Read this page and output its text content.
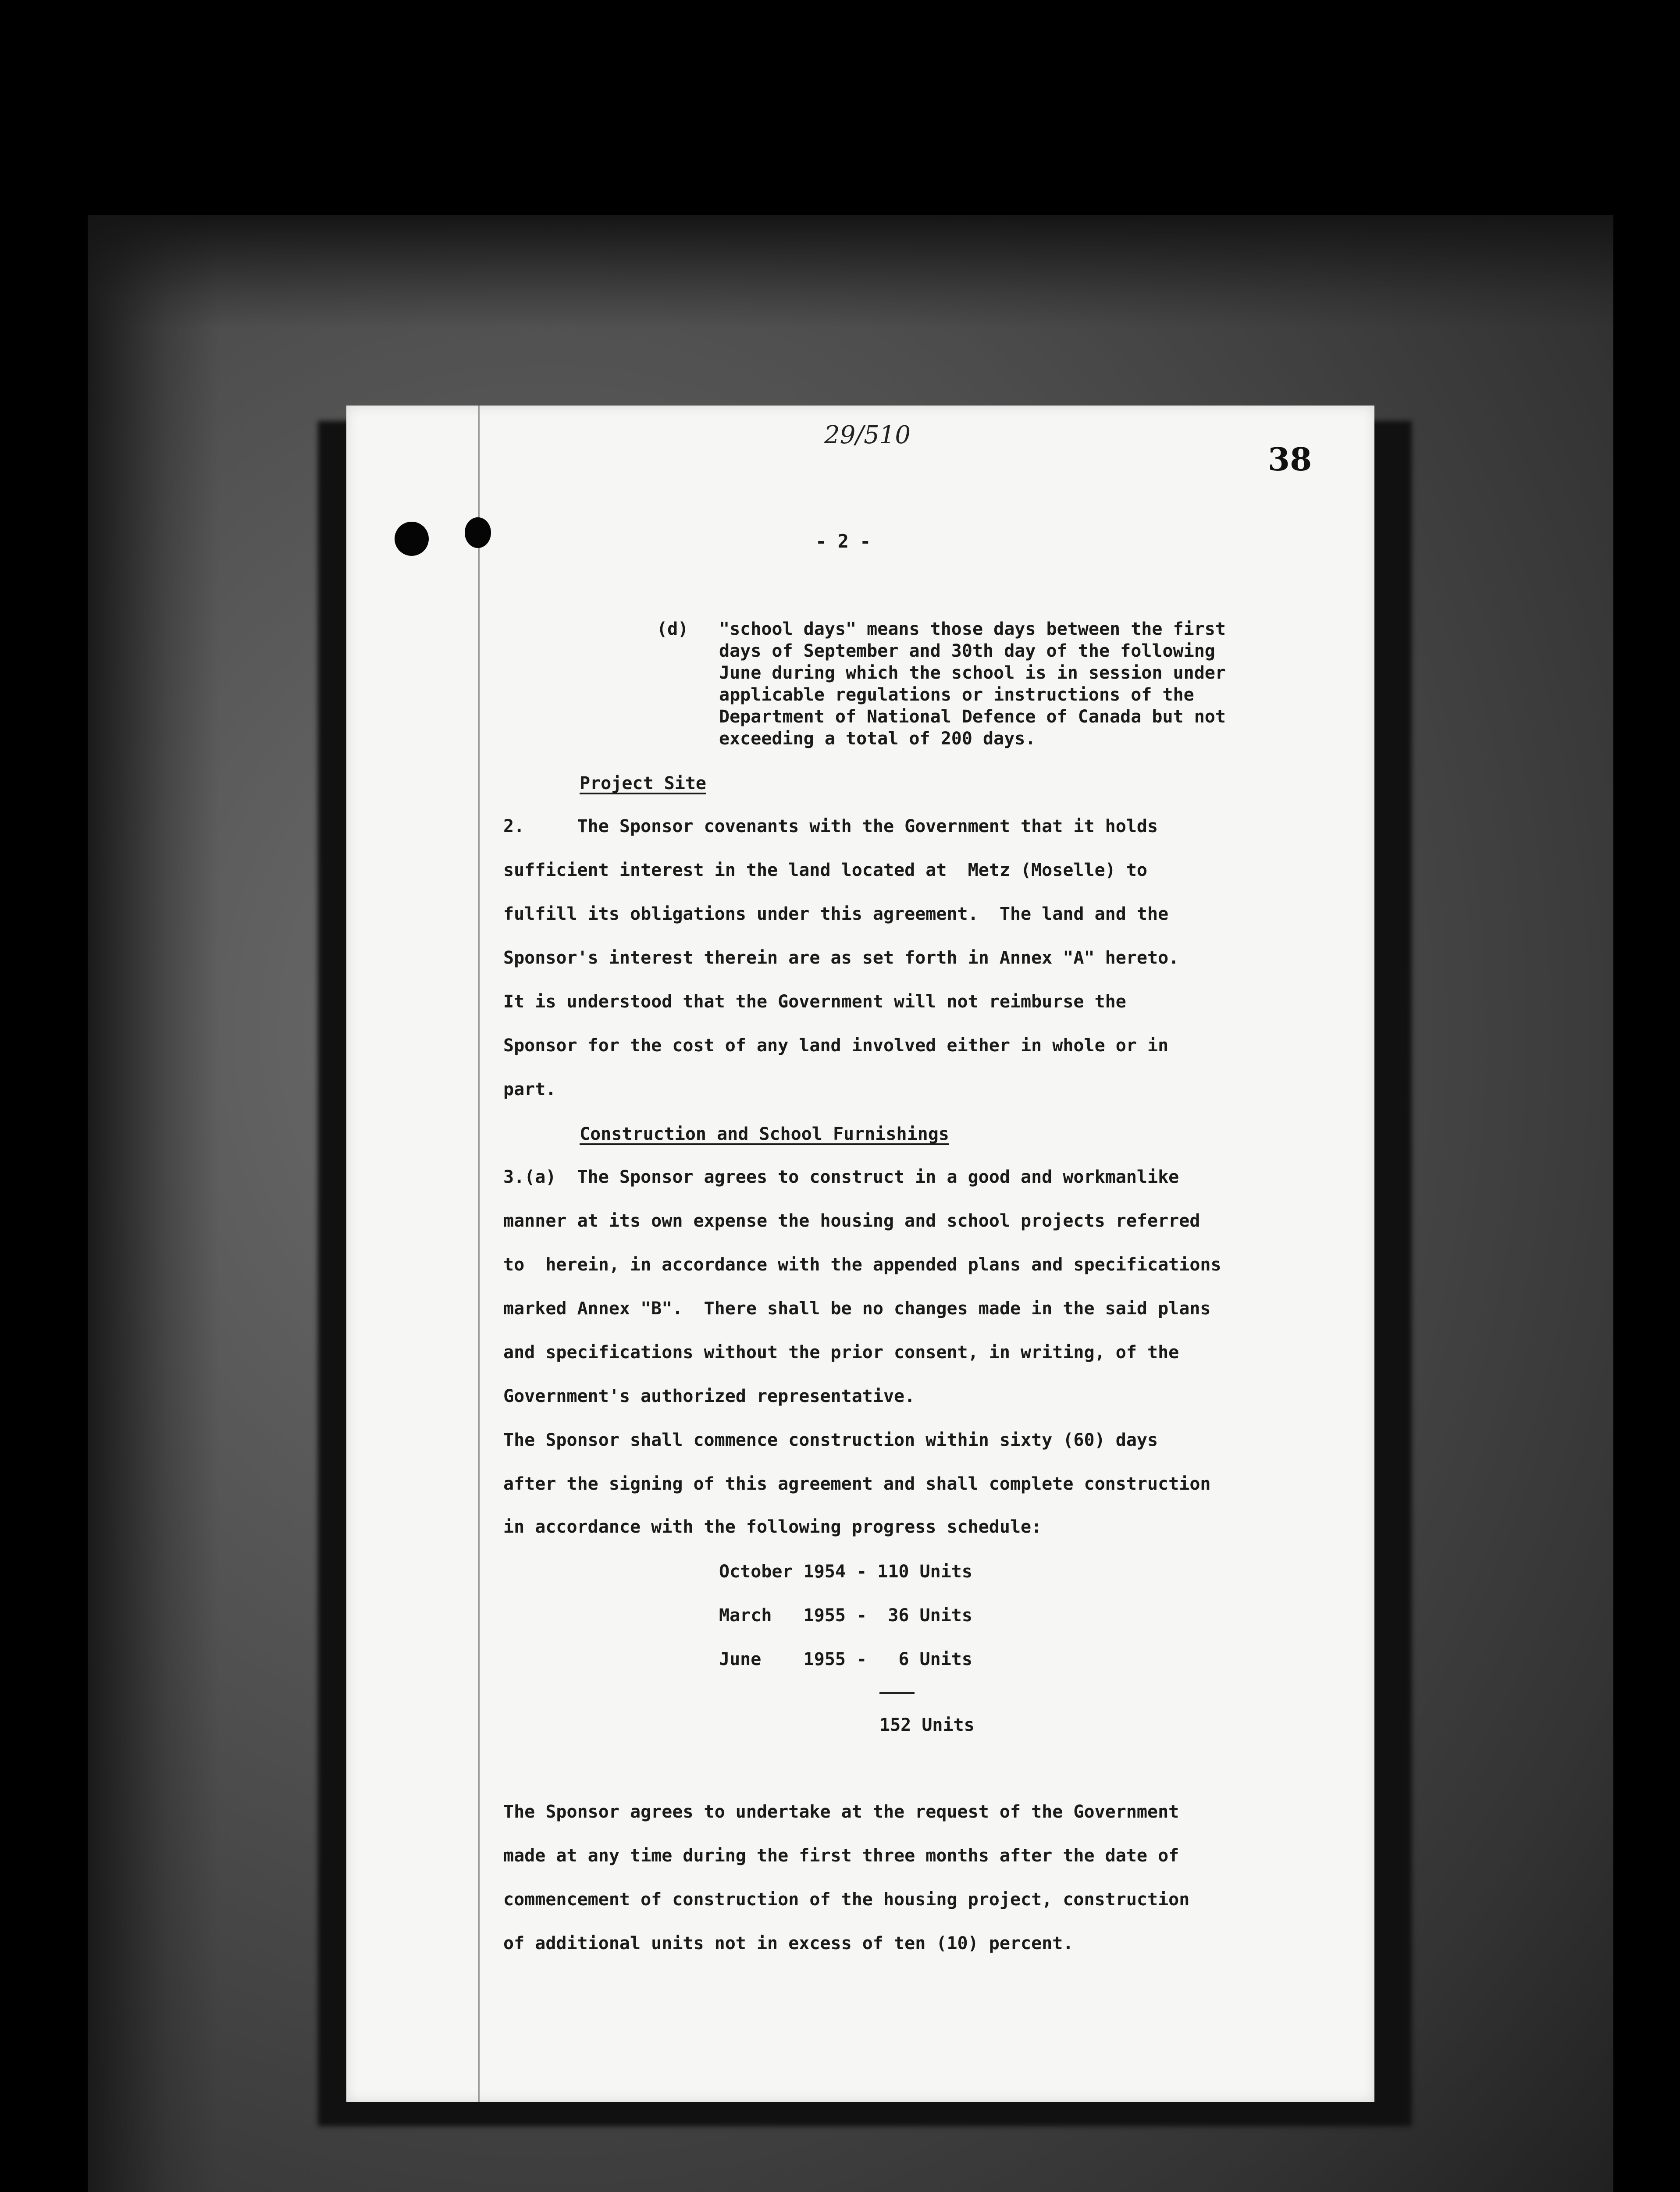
29/510
38
- 2 -
(d) "school days" means those days between the first
days of September and 30th day of the following
June during which the school is in session under
applicable regulations or instructions of the
Department of National Defence of Canada but not
exceeding a total of 200 days.
Project Site
2.     The Sponsor covenants with the Government that it holds
sufficient interest in the land located at  Metz (Moselle) to
fulfill its obligations under this agreement.  The land and the
Sponsor's interest therein are as set forth in Annex "A" hereto.
It is understood that the Government will not reimburse the
Sponsor for the cost of any land involved either in whole or in
part.
Construction and School Furnishings
3.(a)  The Sponsor agrees to construct in a good and workmanlike
manner at its own expense the housing and school projects referred
to  herein, in accordance with the appended plans and specifications
marked Annex "B".  There shall be no changes made in the said plans
and specifications without the prior consent, in writing, of the
Government's authorized representative.
The Sponsor shall commence construction within sixty (60) days
after the signing of this agreement and shall complete construction
in accordance with the following progress schedule:
October 1954 - 110 Units
March   1955 -  36 Units
June    1955 -   6 Units
152 Units
The Sponsor agrees to undertake at the request of the Government
made at any time during the first three months after the date of
commencement of construction of the housing project, construction
of additional units not in excess of ten (10) percent.
